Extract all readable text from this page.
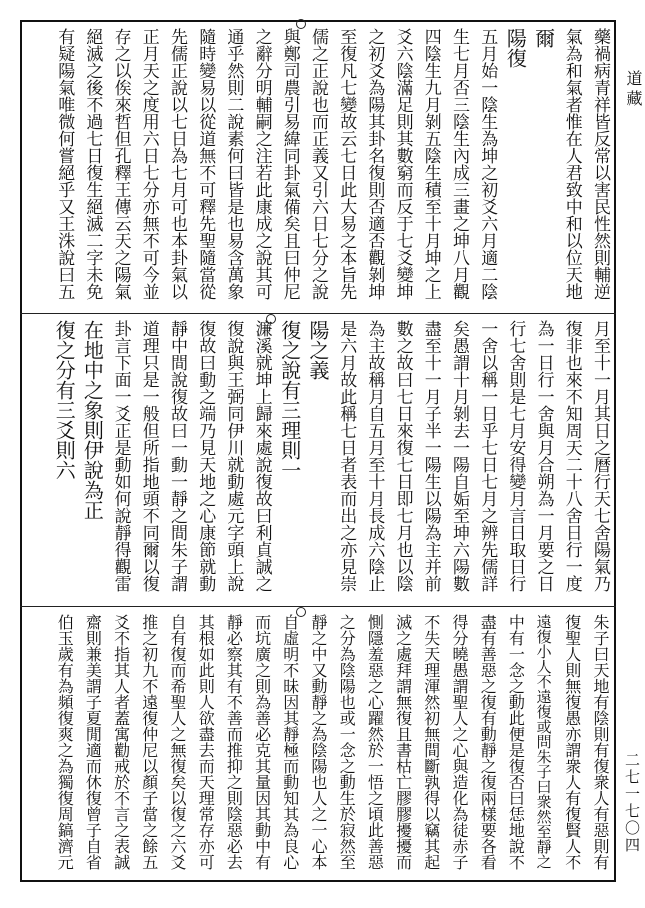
道藏
二七一七〇四
藥禍病青祥皆反常以害民性然則輔逆
氣為和氣者惟在人君致中和以位天地
爾
陽復
五月始一陰生為坤之初爻六月適二陰
生七月否三陰生內成三畫之坤八月觀
四陰生九月剝五陰生積至十月坤之上
爻六陰滿足則其數窮而反于七爻變坤
之初爻為陽其卦名復則否適否觀剝坤
至復凡七變故云七日此大易之本旨先
儒之正說也而正義又引六日七分之說
與鄭司農引易緯同卦氣備矣且曰仲尼
之辭分明輔嗣之注若此康成之說其可
通乎然則二說素何曰皆是也易含萬象
隨時變易以從道無不可釋先聖隨當從
先儒正說以七日為七月可也本卦氣以
正月天之度用六日七分亦無不可今並
存之以俟來哲但孔釋王傳云天之陽氣
絕滅之後不過七日復生絕滅二字未免
有疑陽氣唯微何嘗絕乎又王洙說曰五
月至十一月其日之曆行天七舍陽氣乃
復非也來不知周天二十八舍日行一度
為一日行一舍與月合朔為一月要之日
行七舍則是七月安得變月言日取日行
一舍以稱一日乎七日七月之辨先儒詳
矣愚謂十月剝去一陽自姤至坤六陽數
盡至十一月子半一陽生以陽為主并前
數之故曰七日來復七日即七月也以陰
為主故稱月自五月至十月長成六陰止
是六月故此稱七日者表而出之亦見崇
陽之義
復之說有三理則一
濂溪就坤上歸來處說復故曰利貞誠之
復說與王弼同伊川就動處元字頭上說
復故曰動之端乃見天地之心康節就動
靜中間說復故曰一動一靜之間朱子謂
道理只是一般但所指地頭不同爾以復
卦言下面一爻正是動如何說靜得觀雷
在地中之象則伊說為正
復之分有三爻則六
朱子曰天地有陰則有復衆人有惡則有
復聖人則無復愚亦謂衆人有復賢人不
遠復小人不遠復或問朱子曰衆然至靜之
中有一念之動此便是復否曰恁地說不
盡有善惡之復有動靜之復兩樣要各看
得分曉愚謂聖人之心與造化為徒赤子
不失天理渾然初無間斷孰得以竊其起
滅之處拜謂無復且書枯亡膠膠擾擾而
惻隱羞惡之心躍然於一悟之頃此善惡
之分為陰陽也或一念之動生於寂然至
靜之中又動靜之為陰陽也人之一心本
自虛明不昧因其靜極而動知其為良心
而坑廣之則為善必克其量因其動中有
靜必察其有不善而推抑之則陰惡必去
其根如此則人欲盡去而天理常存亦可
自有復而希聖人之無復矣以復之六爻
推之初九不遠復仲尼以顏子當之餘五
爻不指其人者蓋寓勸戒於不言之表誠
齋則兼美謂子夏閒適而休復曾子自省
伯玉歲有為頻復爽之為獨復周鎬濟元
